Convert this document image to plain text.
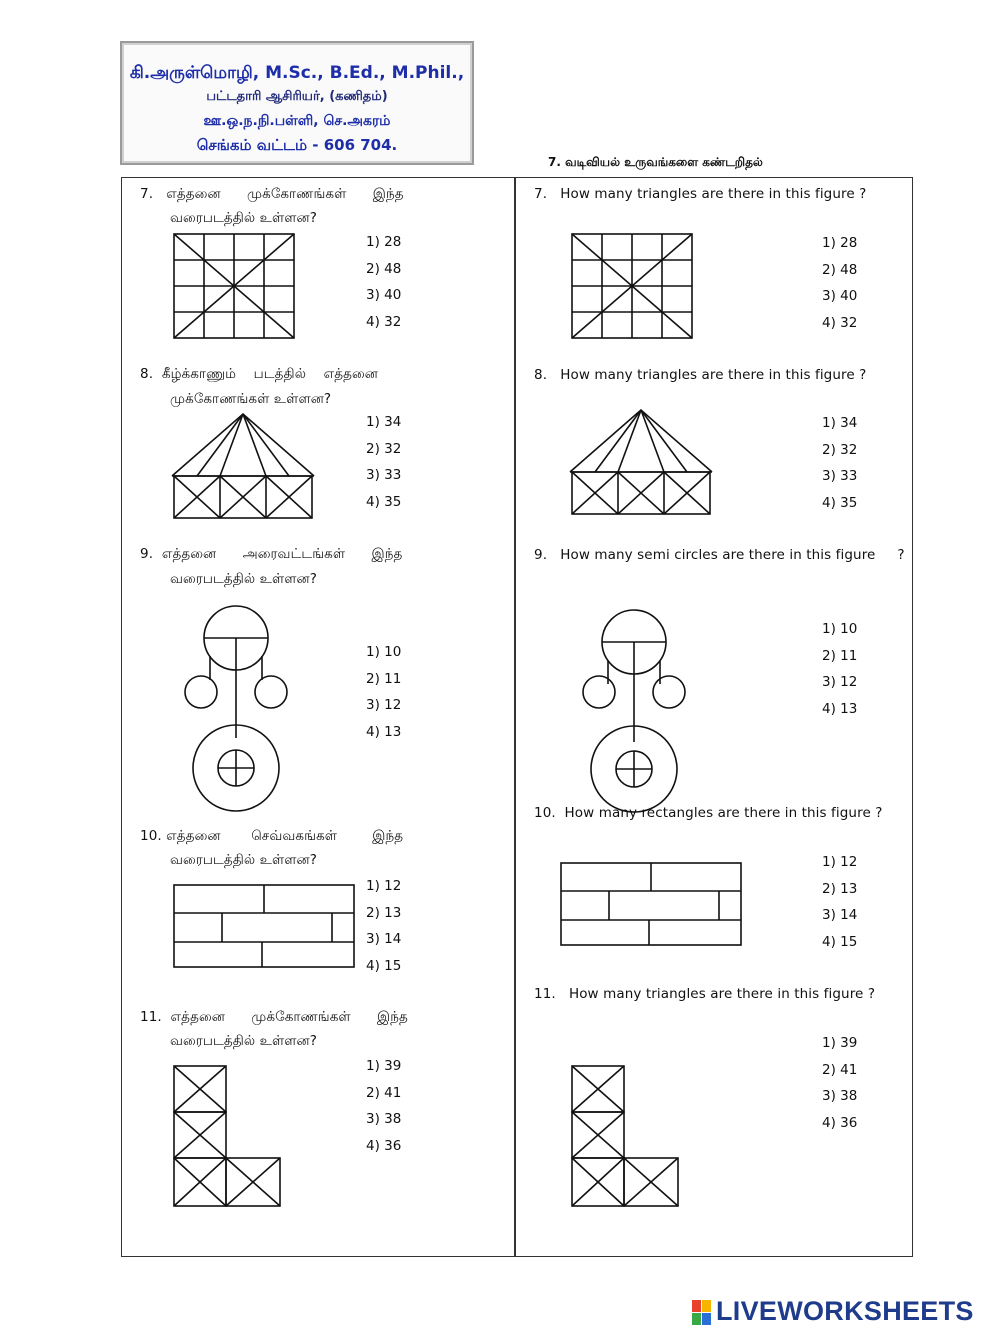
கி.அருள்மொழி, M.Sc., B.Ed., M.Phil.,
பட்டதாரி ஆசிரியர், (கணிதம்)
ஊ.ஒ.ந.நி.பள்ளி, செ.அகரம்
செங்கம் வட்டம் - 606 704.
7. வடிவியல் உருவங்களை கண்டறிதல்
7.   எத்தனை      முக்கோணங்கள்      இந்த
வரைபடத்தில் உள்ளன?
1) 28
2) 48
3) 40
4) 32
8.  கீழ்க்காணும்    படத்தில்    எத்தனை
முக்கோணங்கள் உள்ளன?
1) 34
2) 32
3) 33
4) 35
9.  எத்தனை      அரைவட்டங்கள்      இந்த
வரைபடத்தில் உள்ளன?
1) 10
2) 11
3) 12
4) 13
10. எத்தனை       செவ்வகங்கள்        இந்த
வரைபடத்தில் உள்ளன?
1) 12
2) 13
3) 14
4) 15
11.  எத்தனை      முக்கோணங்கள்      இந்த
வரைபடத்தில் உள்ளன?
1) 39
2) 41
3) 38
4) 36
7.   How many triangles are there in this figure ?
1) 28
2) 48
3) 40
4) 32
8.   How many triangles are there in this figure ?
1) 34
2) 32
3) 33
4) 35
9.   How many semi circles are there in this figure     ?
1) 10
2) 11
3) 12
4) 13
10.  How many rectangles are there in this figure ?
1) 12
2) 13
3) 14
4) 15
11.   How many triangles are there in this figure ?
1) 39
2) 41
3) 38
4) 36
LIVEWORKSHEETS
